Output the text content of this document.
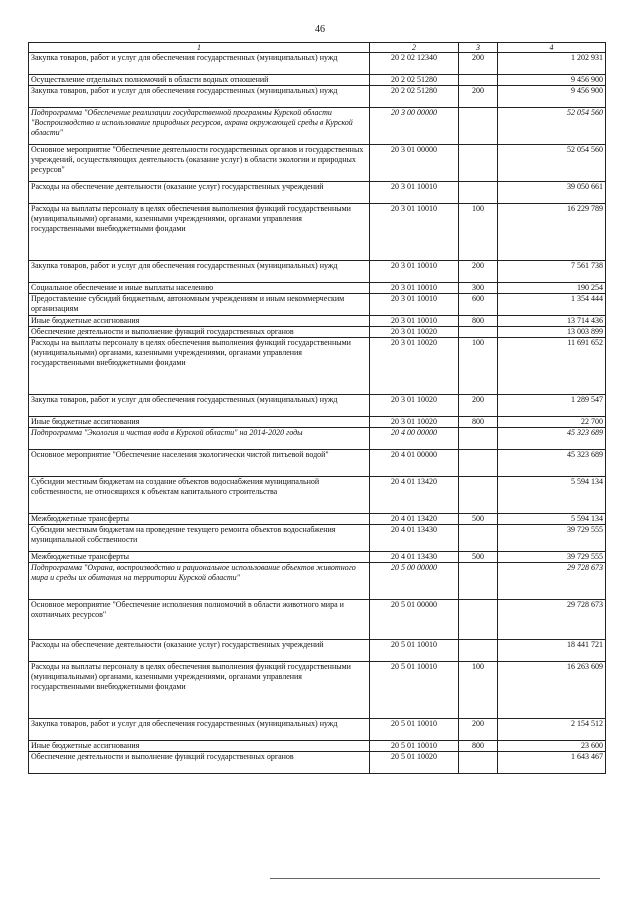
46
1	2	3	4
Закупка товаров, работ и услуг для обеспечения государственных (муниципальных) нужд	20 2 02 12340	200	1 202 931
Осуществление отдельных полномочий в области водных отношений	20 2 02 51280		9 456 900
Закупка товаров, работ и услуг для обеспечения государственных (муниципальных) нужд	20 2 02 51280	200	9 456 900
Подпрограмма "Обеспечение реализации государственной программы Курской области "Воспроизводство и использование природных ресурсов, охрана окружающей среды в Курской области"	20 3 00 00000		52 054 560
Основное мероприятие "Обеспечение деятельности государственных органов и государственных учреждений, осуществляющих деятельность (оказание услуг) в области экологии и природных ресурсов"	20 3 01 00000		52 054 560
Расходы на обеспечение деятельности (оказание услуг) государственных учреждений	20 3 01 10010		39 050 661
Расходы на выплаты персоналу в целях обеспечения выполнения функций государственными (муниципальными) органами, казенными учреждениями, органами управления государственными внебюджетными фондами	20 3 01 10010	100	16 229 789
Закупка товаров, работ и услуг для обеспечения государственных (муниципальных) нужд	20 3 01 10010	200	7 561 738
Социальное обеспечение и иные выплаты населению	20 3 01 10010	300	190 254
Предоставление субсидий бюджетным, автономным учреждениям и иным некоммерческим организациям	20 3 01 10010	600	1 354 444
Иные бюджетные ассигнования	20 3 01 10010	800	13 714 436
Обеспечение деятельности и выполнение функций государственных органов	20 3 01 10020		13 003 899
Расходы на выплаты персоналу в целях обеспечения выполнения функций государственными (муниципальными) органами, казенными учреждениями, органами управления государственными внебюджетными фондами	20 3 01 10020	100	11 691 652
Закупка товаров, работ и услуг для обеспечения государственных (муниципальных) нужд	20 3 01 10020	200	1 289 547
Иные бюджетные ассигнования	20 3 01 10020	800	22 700
Подпрограмма "Экология и чистая вода в Курской области" на 2014-2020 годы	20 4 00 00000		45 323 689
Основное мероприятие "Обеспечение населения экологически чистой питьевой водой"	20 4 01 00000		45 323 689
Субсидии местным бюджетам на создание объектов водоснабжения муниципальной собственности, не относящихся к объектам капитального строительства	20 4 01 13420		5 594 134
Межбюджетные трансферты	20 4 01 13420	500	5 594 134
Субсидии местным бюджетам на проведение текущего ремонта объектов водоснабжения муниципальной собственности	20 4 01 13430		39 729 555
Межбюджетные трансферты	20 4 01 13430	500	39 729 555
Подпрограмма "Охрана, воспроизводство и рациональное использование объектов животного мира и среды их обитания на территории Курской области"	20 5 00 00000		29 728 673
Основное мероприятие "Обеспечение исполнения полномочий в области животного мира и охотничьих ресурсов"	20 5 01 00000		29 728 673
Расходы на обеспечение деятельности (оказание услуг) государственных учреждений	20 5 01 10010		18 441 721
Расходы на выплаты персоналу в целях обеспечения выполнения функций государственными (муниципальными) органами, казенными учреждениями, органами управления государственными внебюджетными фондами	20 5 01 10010	100	16 263 609
Закупка товаров, работ и услуг для обеспечения государственных (муниципальных) нужд	20 5 01 10010	200	2 154 512
Иные бюджетные ассигнования	20 5 01 10010	800	23 600
Обеспечение деятельности и выполнение функций государственных органов	20 5 01 10020		1 643 467
